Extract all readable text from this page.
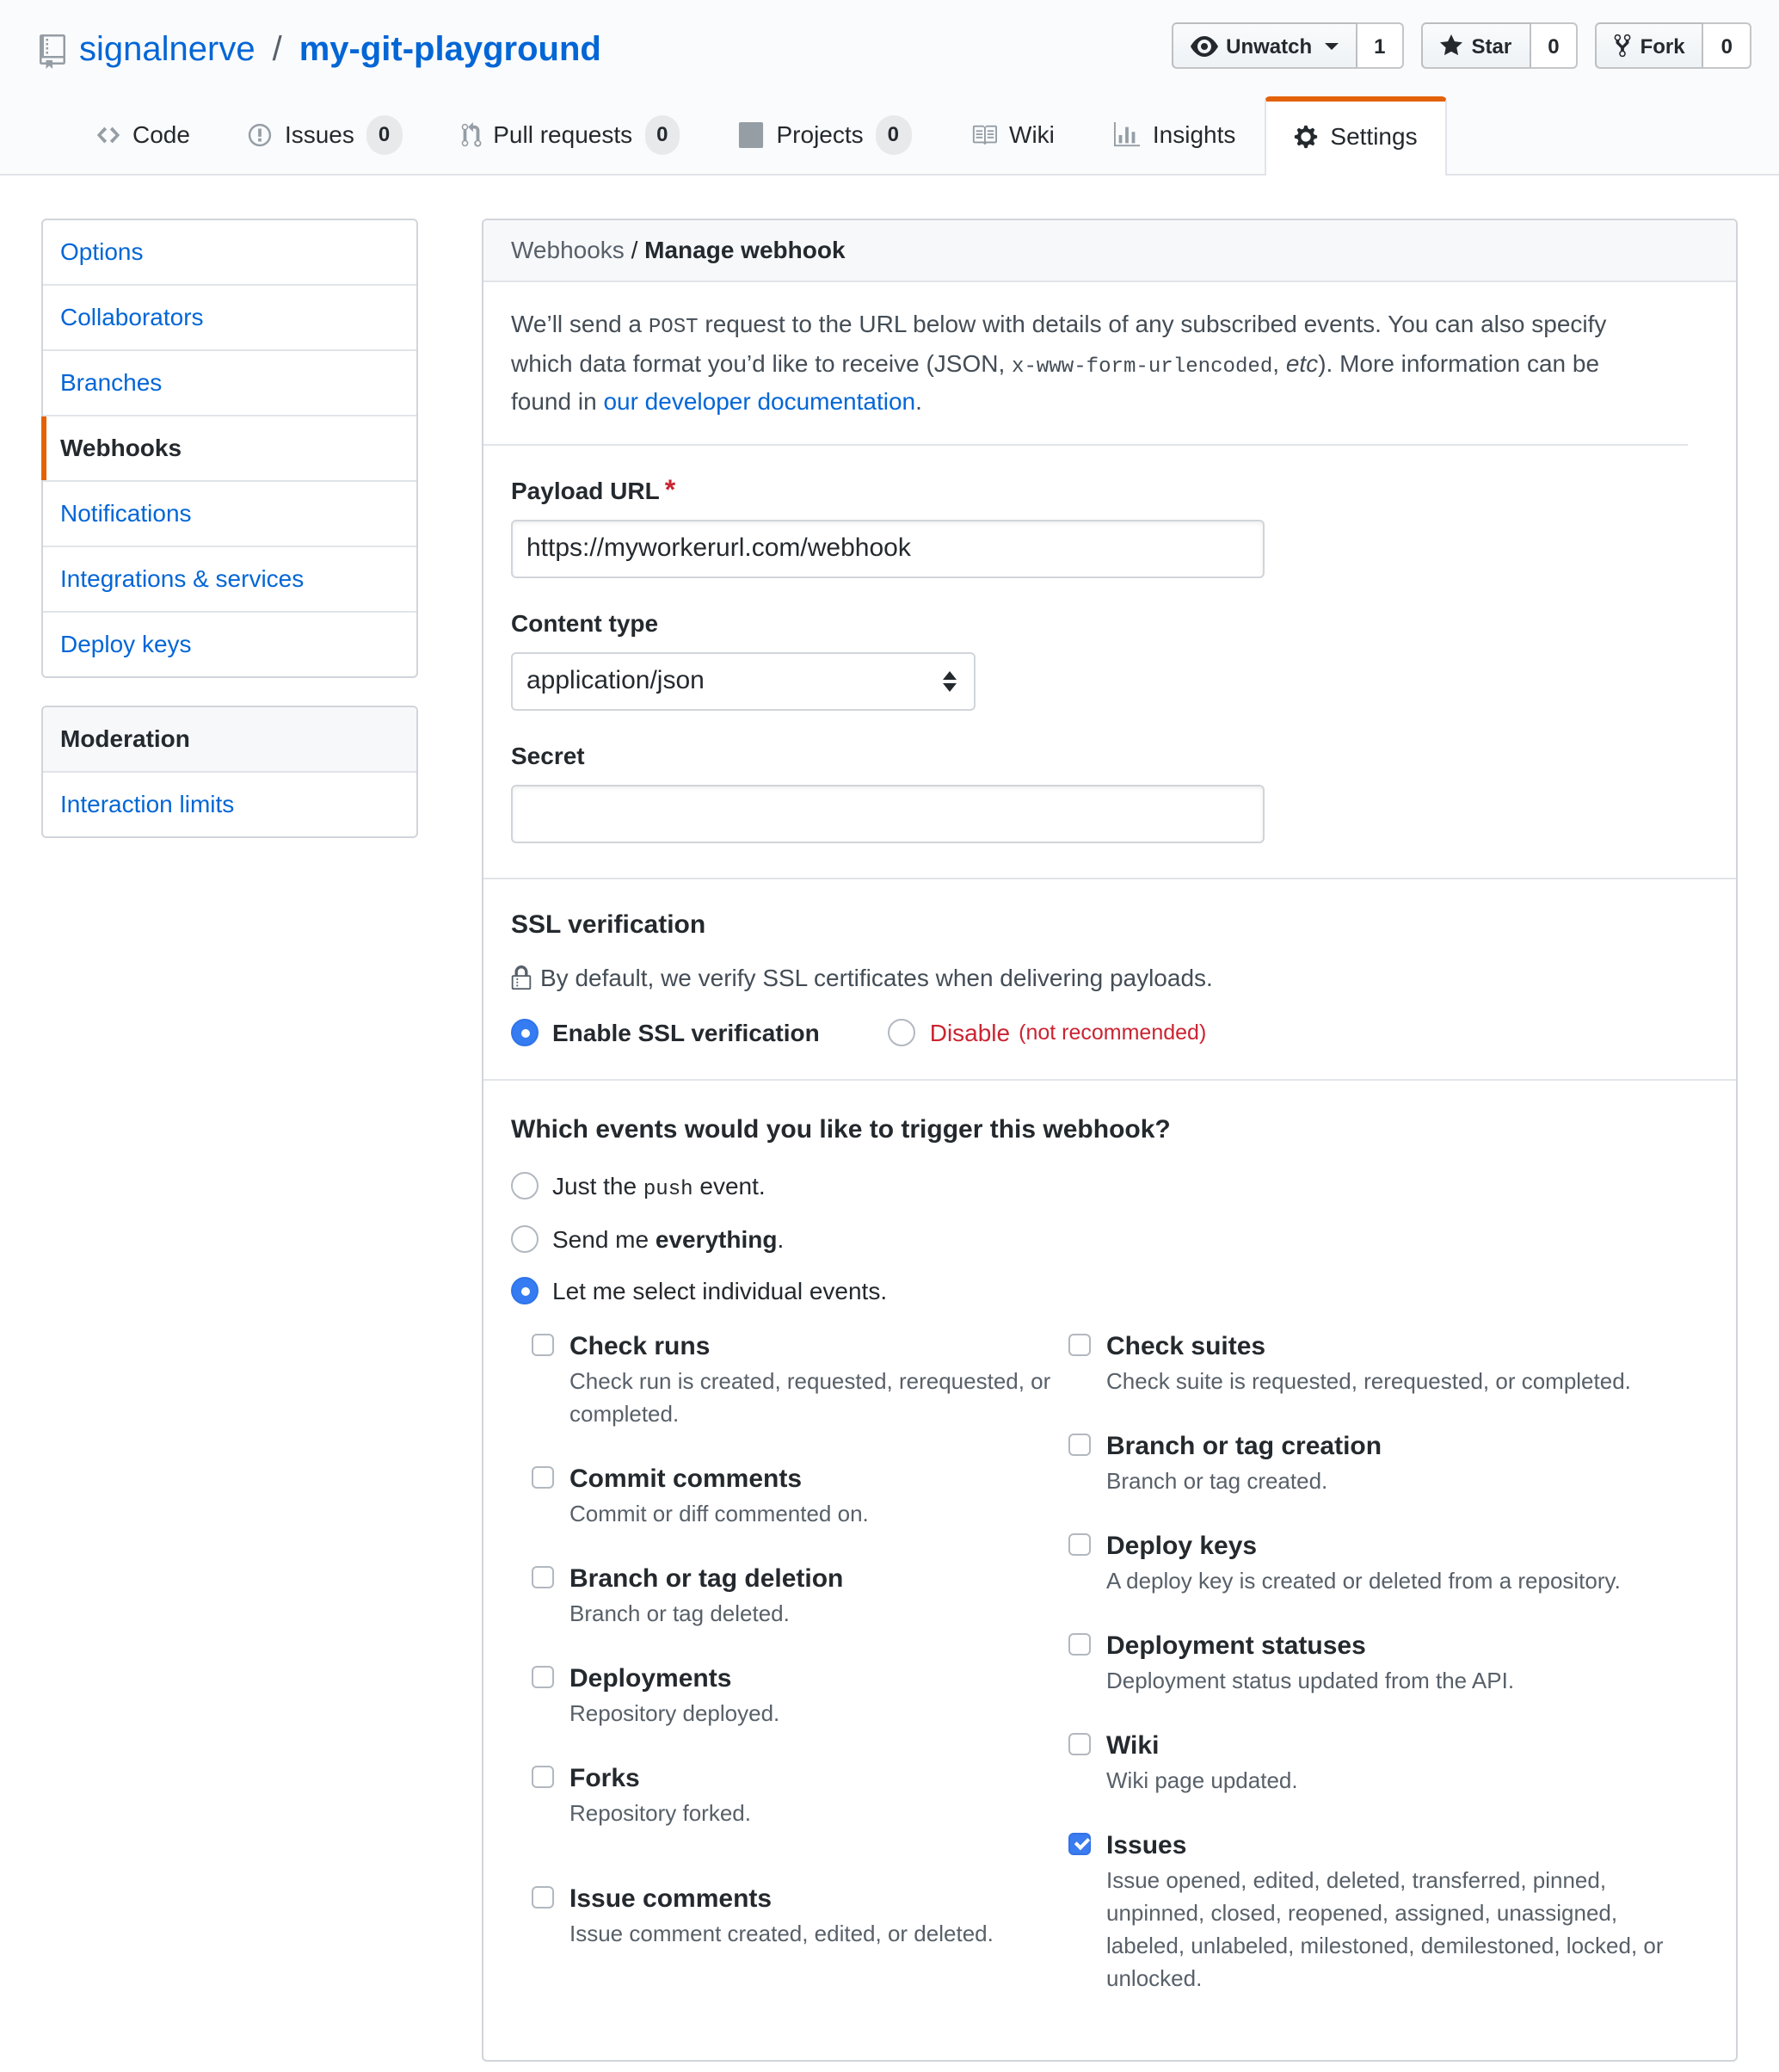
signalnerve / my-git-playground	Unwatch	1	Star	0	Fork	0
Code	Issues	0	Pull requests	0	Projects	0	Wiki	Insights	Settings
Options
Collaborators
Branches
Webhooks
Notifications
Integrations & services
Deploy keys
Moderation
Interaction limits
Webhooks / Manage webhook
We’ll send a POST request to the URL below with details of any subscribed events. You can also specify which data format you’d like to receive (JSON, x-www-form-urlencoded, etc). More information can be found in our developer documentation.
Payload URL *
https://myworkerurl.com/webhook
Content type
application/json
Secret
SSL verification
By default, we verify SSL certificates when delivering payloads.
Enable SSL verification	Disable (not recommended)
Which events would you like to trigger this webhook?
Just the push event.
Send me everything.
Let me select individual events.
Check runs
Check run is created, requested, rerequested, or completed.
Commit comments
Commit or diff commented on.
Branch or tag deletion
Branch or tag deleted.
Deployments
Repository deployed.
Forks
Repository forked.
Issue comments
Issue comment created, edited, or deleted.
Check suites
Check suite is requested, rerequested, or completed.
Branch or tag creation
Branch or tag created.
Deploy keys
A deploy key is created or deleted from a repository.
Deployment statuses
Deployment status updated from the API.
Wiki
Wiki page updated.
Issues
Issue opened, edited, deleted, transferred, pinned, unpinned, closed, reopened, assigned, unassigned, labeled, unlabeled, milestoned, demilestoned, locked, or unlocked.
